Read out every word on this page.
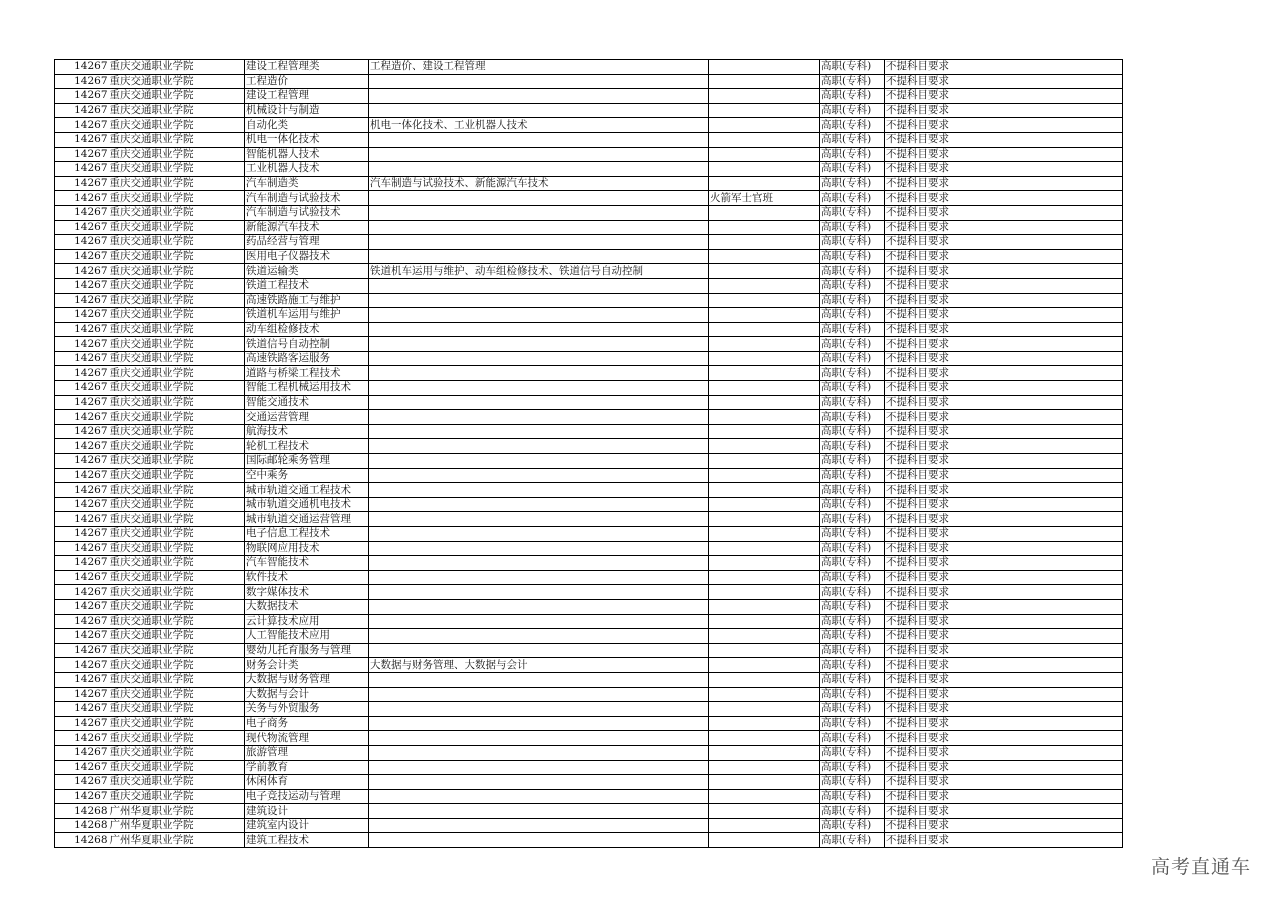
14267	重庆交通职业学院	建设工程管理类	工程造价、建设工程管理		高职(专科)	不提科目要求
14267	重庆交通职业学院	工程造价			高职(专科)	不提科目要求
14267	重庆交通职业学院	建设工程管理			高职(专科)	不提科目要求
14267	重庆交通职业学院	机械设计与制造			高职(专科)	不提科目要求
14267	重庆交通职业学院	自动化类	机电一体化技术、工业机器人技术		高职(专科)	不提科目要求
14267	重庆交通职业学院	机电一体化技术			高职(专科)	不提科目要求
14267	重庆交通职业学院	智能机器人技术			高职(专科)	不提科目要求
14267	重庆交通职业学院	工业机器人技术			高职(专科)	不提科目要求
14267	重庆交通职业学院	汽车制造类	汽车制造与试验技术、新能源汽车技术		高职(专科)	不提科目要求
14267	重庆交通职业学院	汽车制造与试验技术		火箭军士官班	高职(专科)	不提科目要求
14267	重庆交通职业学院	汽车制造与试验技术			高职(专科)	不提科目要求
14267	重庆交通职业学院	新能源汽车技术			高职(专科)	不提科目要求
14267	重庆交通职业学院	药品经营与管理			高职(专科)	不提科目要求
14267	重庆交通职业学院	医用电子仪器技术			高职(专科)	不提科目要求
14267	重庆交通职业学院	铁道运输类	铁道机车运用与维护、动车组检修技术、铁道信号自动控制		高职(专科)	不提科目要求
14267	重庆交通职业学院	铁道工程技术			高职(专科)	不提科目要求
14267	重庆交通职业学院	高速铁路施工与维护			高职(专科)	不提科目要求
14267	重庆交通职业学院	铁道机车运用与维护			高职(专科)	不提科目要求
14267	重庆交通职业学院	动车组检修技术			高职(专科)	不提科目要求
14267	重庆交通职业学院	铁道信号自动控制			高职(专科)	不提科目要求
14267	重庆交通职业学院	高速铁路客运服务			高职(专科)	不提科目要求
14267	重庆交通职业学院	道路与桥梁工程技术			高职(专科)	不提科目要求
14267	重庆交通职业学院	智能工程机械运用技术			高职(专科)	不提科目要求
14267	重庆交通职业学院	智能交通技术			高职(专科)	不提科目要求
14267	重庆交通职业学院	交通运营管理			高职(专科)	不提科目要求
14267	重庆交通职业学院	航海技术			高职(专科)	不提科目要求
14267	重庆交通职业学院	轮机工程技术			高职(专科)	不提科目要求
14267	重庆交通职业学院	国际邮轮乘务管理			高职(专科)	不提科目要求
14267	重庆交通职业学院	空中乘务			高职(专科)	不提科目要求
14267	重庆交通职业学院	城市轨道交通工程技术			高职(专科)	不提科目要求
14267	重庆交通职业学院	城市轨道交通机电技术			高职(专科)	不提科目要求
14267	重庆交通职业学院	城市轨道交通运营管理			高职(专科)	不提科目要求
14267	重庆交通职业学院	电子信息工程技术			高职(专科)	不提科目要求
14267	重庆交通职业学院	物联网应用技术			高职(专科)	不提科目要求
14267	重庆交通职业学院	汽车智能技术			高职(专科)	不提科目要求
14267	重庆交通职业学院	软件技术			高职(专科)	不提科目要求
14267	重庆交通职业学院	数字媒体技术			高职(专科)	不提科目要求
14267	重庆交通职业学院	大数据技术			高职(专科)	不提科目要求
14267	重庆交通职业学院	云计算技术应用			高职(专科)	不提科目要求
14267	重庆交通职业学院	人工智能技术应用			高职(专科)	不提科目要求
14267	重庆交通职业学院	婴幼儿托育服务与管理			高职(专科)	不提科目要求
14267	重庆交通职业学院	财务会计类	大数据与财务管理、大数据与会计		高职(专科)	不提科目要求
14267	重庆交通职业学院	大数据与财务管理			高职(专科)	不提科目要求
14267	重庆交通职业学院	大数据与会计			高职(专科)	不提科目要求
14267	重庆交通职业学院	关务与外贸服务			高职(专科)	不提科目要求
14267	重庆交通职业学院	电子商务			高职(专科)	不提科目要求
14267	重庆交通职业学院	现代物流管理			高职(专科)	不提科目要求
14267	重庆交通职业学院	旅游管理			高职(专科)	不提科目要求
14267	重庆交通职业学院	学前教育			高职(专科)	不提科目要求
14267	重庆交通职业学院	休闲体育			高职(专科)	不提科目要求
14267	重庆交通职业学院	电子竞技运动与管理			高职(专科)	不提科目要求
14268	广州华夏职业学院	建筑设计			高职(专科)	不提科目要求
14268	广州华夏职业学院	建筑室内设计			高职(专科)	不提科目要求
14268	广州华夏职业学院	建筑工程技术			高职(专科)	不提科目要求
高考直通车
